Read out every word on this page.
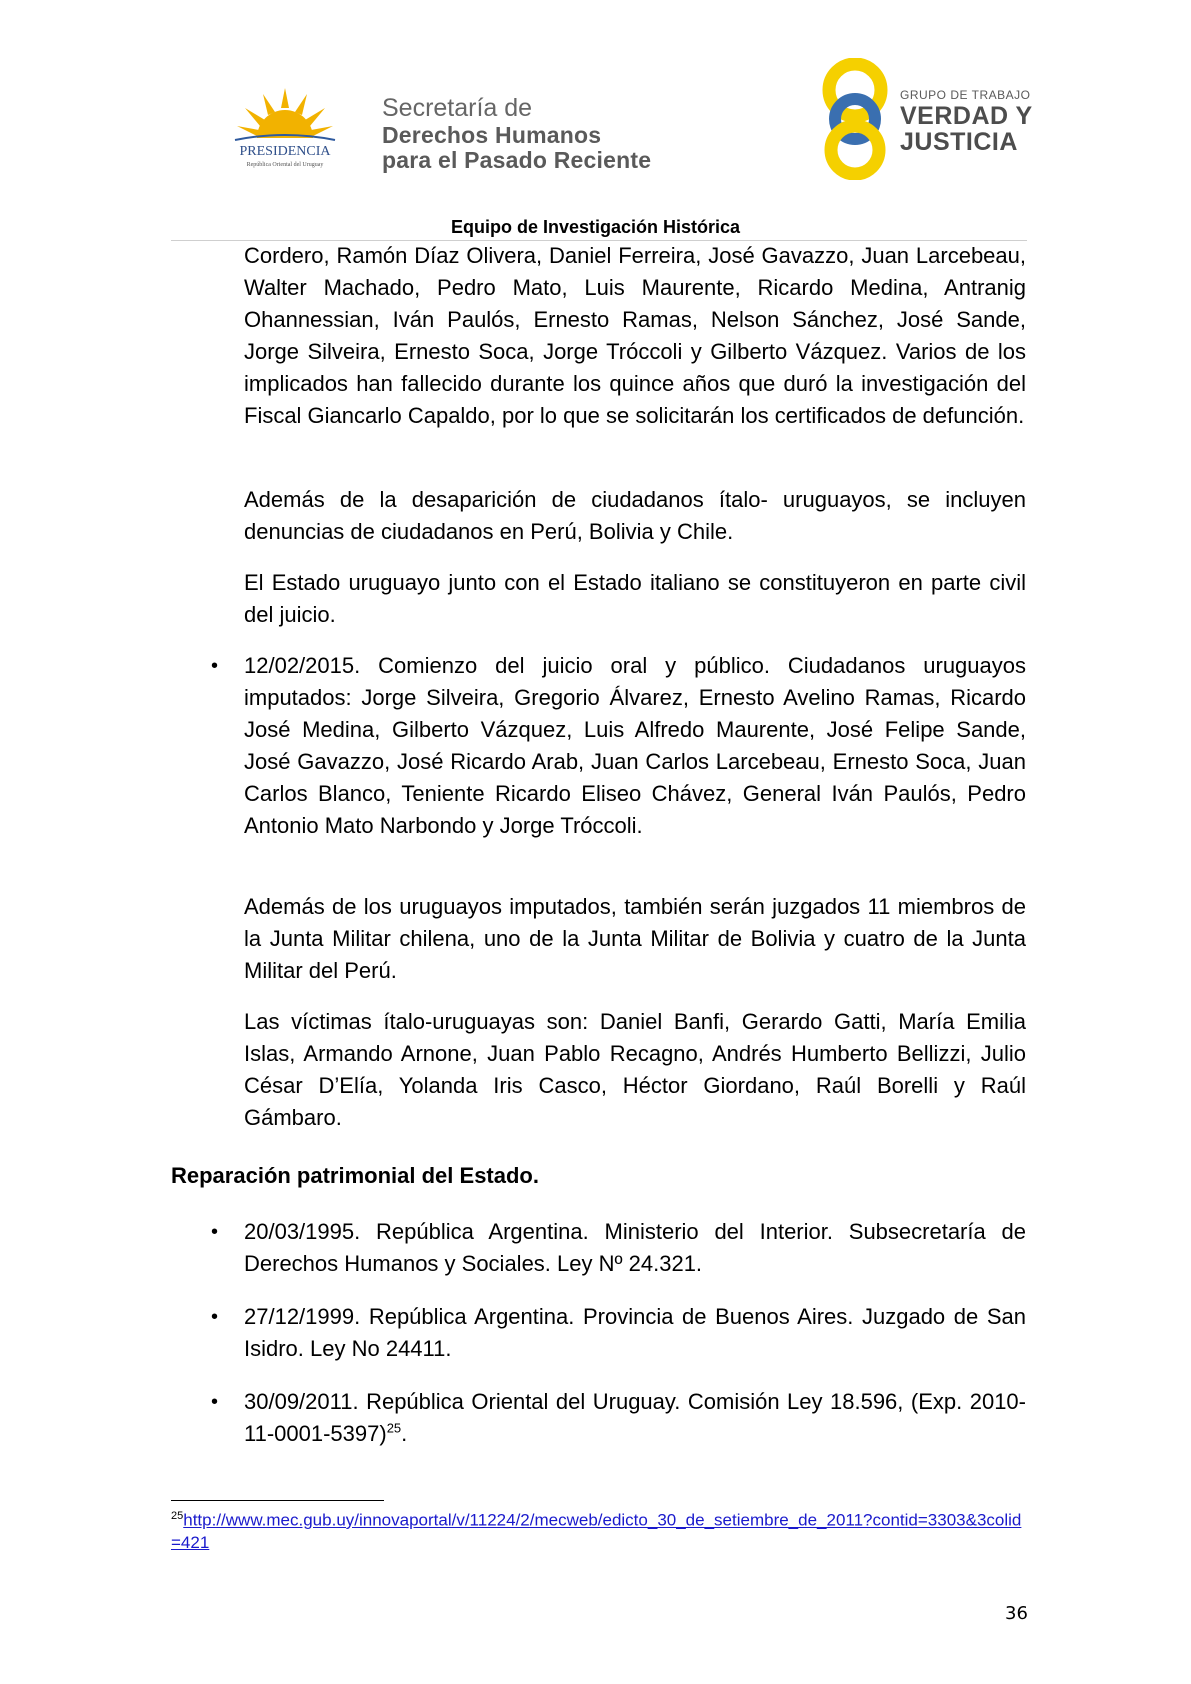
PRESIDENCIA
República Oriental del Uruguay
Secretaría de
Derechos Humanos
para el Pasado Reciente
GRUPO DE TRABAJO
VERDAD Y
JUSTICIA
Equipo de Investigación Histórica

Cordero, Ramón Díaz Olivera, Daniel Ferreira, José Gavazzo, Juan Larcebeau, Walter Machado, Pedro Mato, Luis Maurente, Ricardo Medina, Antranig Ohannessian, Iván Paulós, Ernesto Ramas, Nelson Sánchez, José Sande, Jorge Silveira, Ernesto Soca, Jorge Tróccoli y Gilberto Vázquez. Varios de los implicados han fallecido durante los quince años que duró la investigación del Fiscal Giancarlo Capaldo, por lo que se solicitarán los certificados de defunción.

Además de la desaparición de ciudadanos ítalo- uruguayos, se incluyen denuncias de ciudadanos en Perú, Bolivia y Chile.

El Estado uruguayo junto con el Estado italiano se constituyeron en parte civil del juicio.

• 12/02/2015. Comienzo del juicio oral y público. Ciudadanos uruguayos imputados: Jorge Silveira, Gregorio Álvarez, Ernesto Avelino Ramas, Ricardo José Medina, Gilberto Vázquez, Luis Alfredo Maurente, José Felipe Sande, José Gavazzo, José Ricardo Arab, Juan Carlos Larcebeau, Ernesto Soca, Juan Carlos Blanco, Teniente Ricardo Eliseo Chávez, General Iván Paulós, Pedro Antonio Mato Narbondo y Jorge Tróccoli.

Además de los uruguayos imputados, también serán juzgados 11 miembros de la Junta Militar chilena, uno de la Junta Militar de Bolivia y cuatro de la Junta Militar del Perú.

Las víctimas ítalo-uruguayas son: Daniel Banfi, Gerardo Gatti, María Emilia Islas, Armando Arnone, Juan Pablo Recagno, Andrés Humberto Bellizzi, Julio César D’Elía, Yolanda Iris Casco, Héctor Giordano, Raúl Borelli y Raúl Gámbaro.

Reparación patrimonial del Estado.
• 20/03/1995. República Argentina. Ministerio del Interior. Subsecretaría de Derechos Humanos y Sociales. Ley Nº 24.321.

• 27/12/1999. República Argentina. Provincia de Buenos Aires. Juzgado de San Isidro. Ley No 24411.

• 30/09/2011. República Oriental del Uruguay. Comisión Ley 18.596, (Exp. 2010-11-0001-5397)$^{25}$.

$^{25}$http://www.mec.gub.uy/innovaportal/v/11224/2/mecweb/edicto_30_de_setiembre_de_2011?contid=3303&3colid=421
36
